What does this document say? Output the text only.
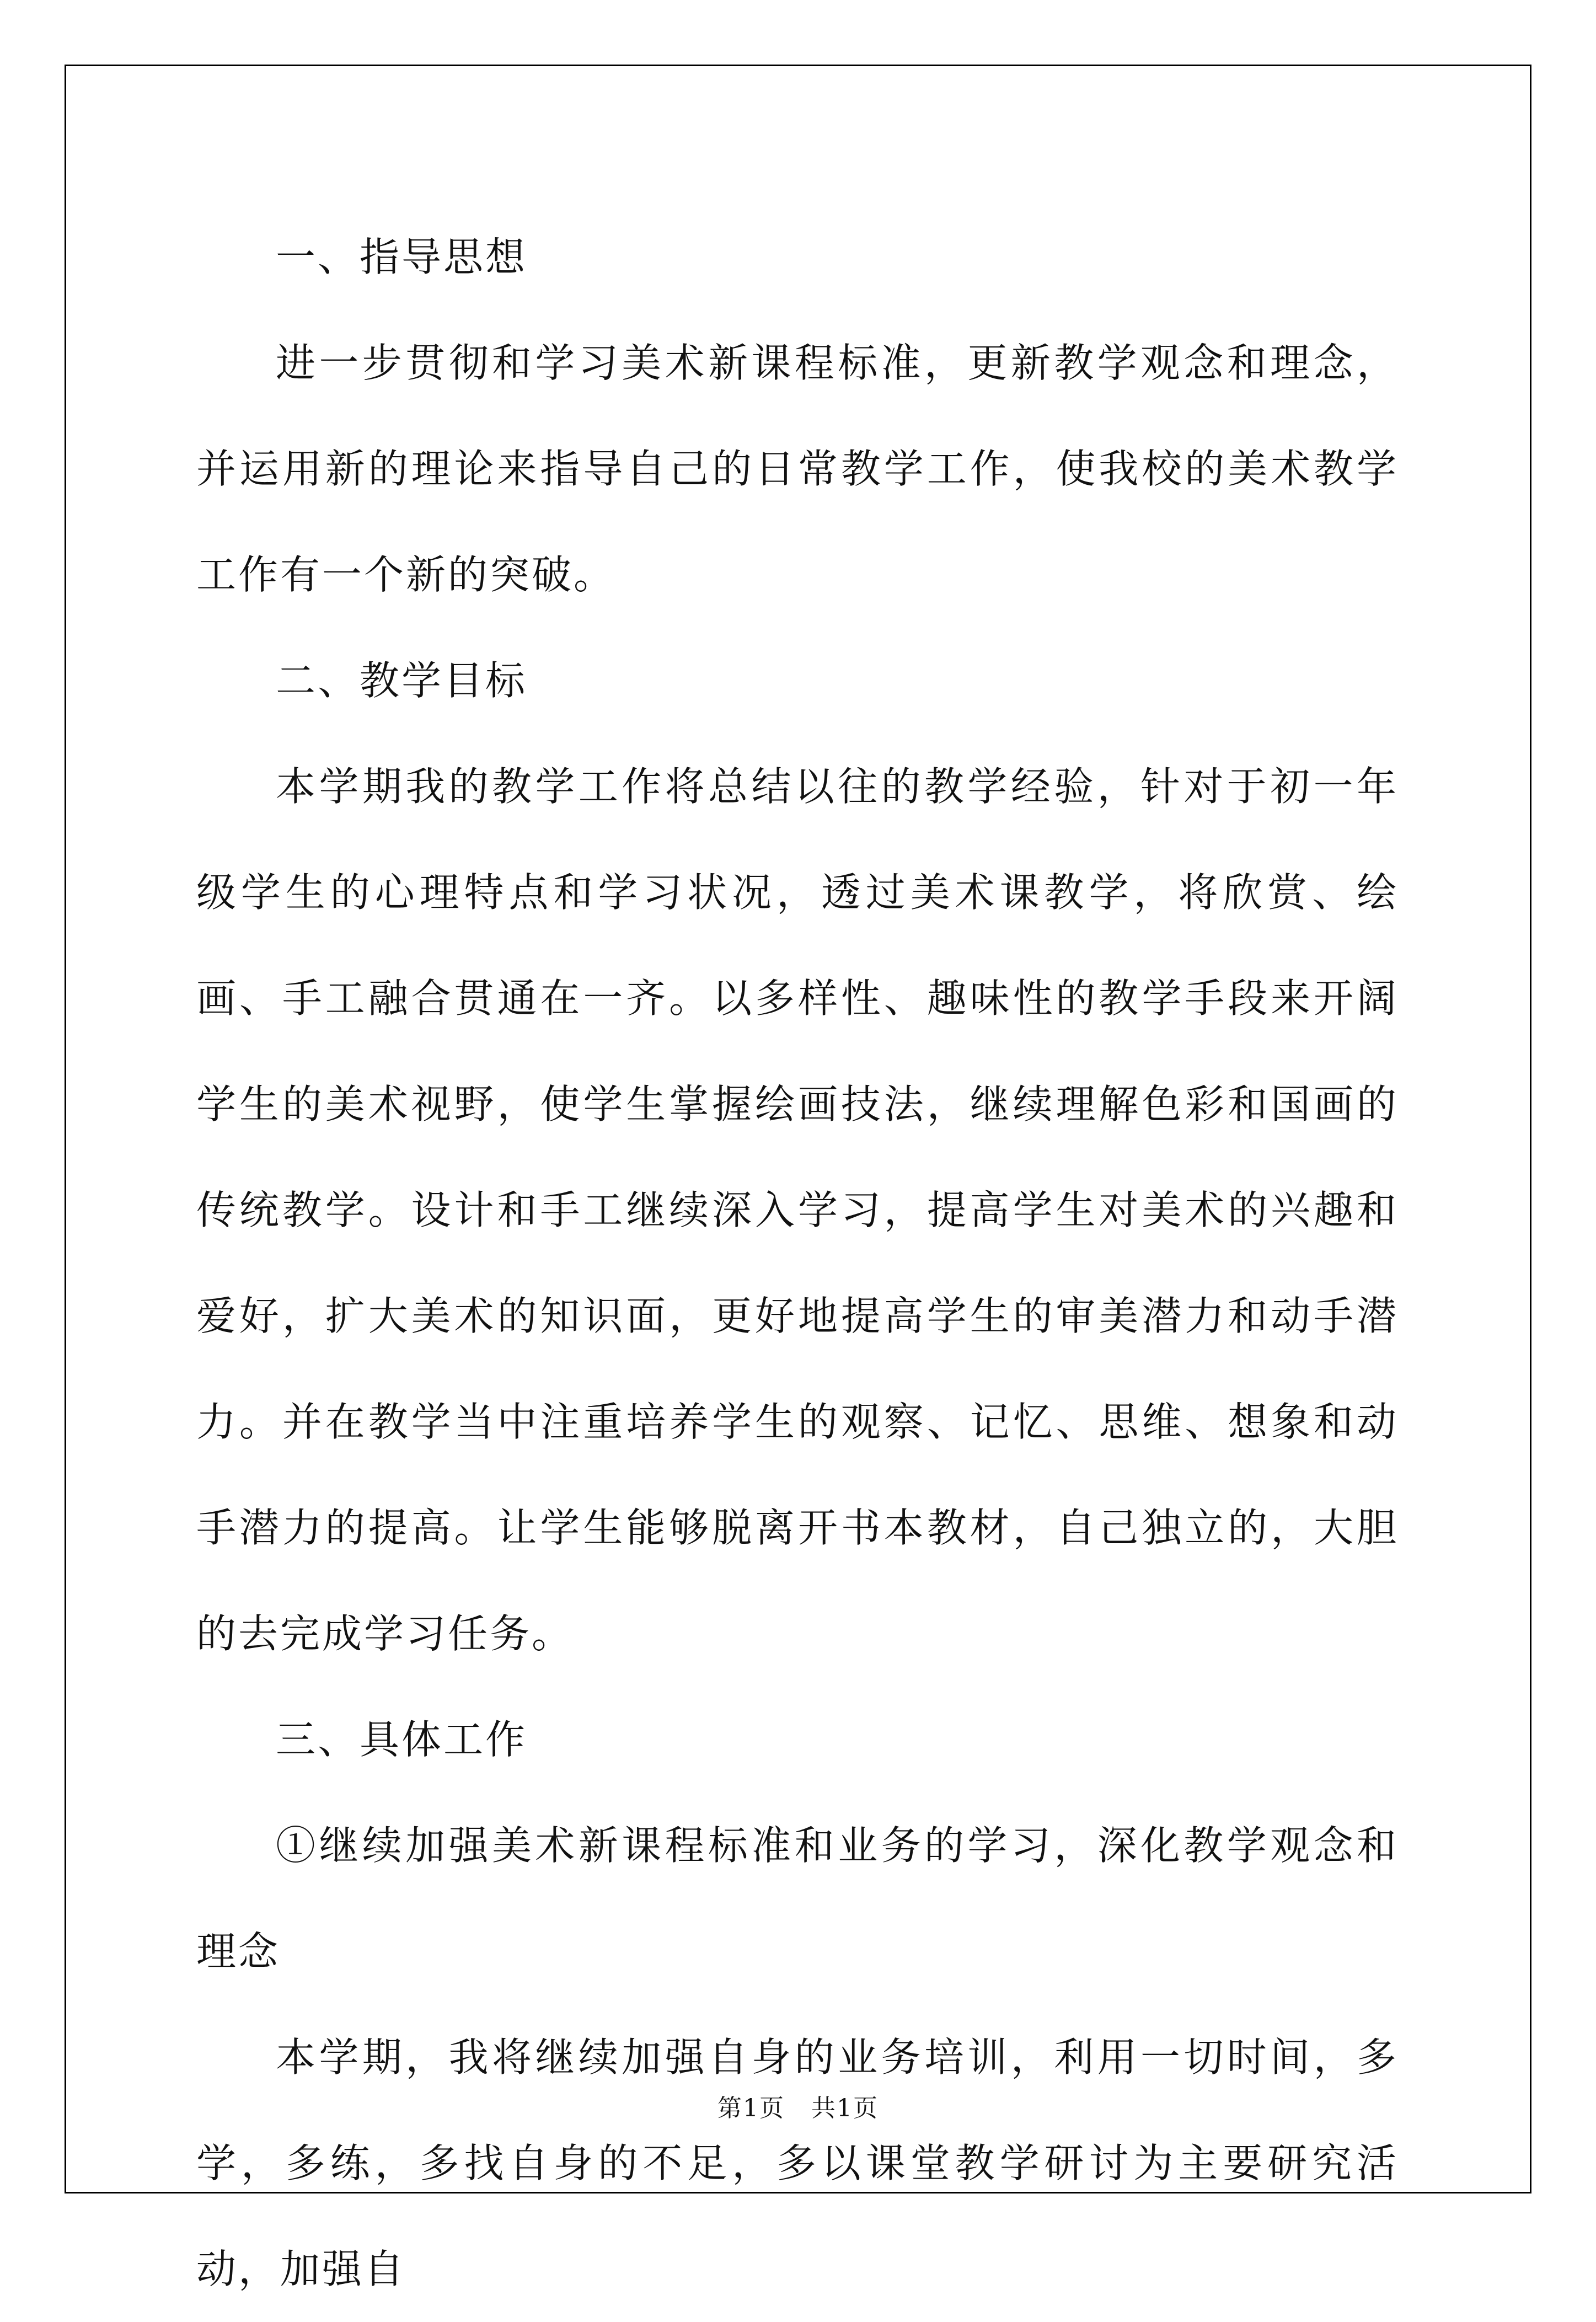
一、指导思想

进一步贯彻和学习美术新课程标准，更新教学观念和理念，并运用新的理论来指导自己的日常教学工作，使我校的美术教学工作有一个新的突破。

二、教学目标

本学期我的教学工作将总结以往的教学经验，针对于初一年级学生的心理特点和学习状况，透过美术课教学，将欣赏、绘画、手工融合贯通在一齐。以多样性、趣味性的教学手段来开阔学生的美术视野，使学生掌握绘画技法，继续理解色彩和国画的传统教学。设计和手工继续深入学习，提高学生对美术的兴趣和爱好，扩大美术的知识面，更好地提高学生的审美潜力和动手潜力。并在教学当中注重培养学生的观察、记忆、思维、想象和动手潜力的提高。让学生能够脱离开书本教材，自己独立的，大胆的去完成学习任务。

三、具体工作

①继续加强美术新课程标准和业务的学习，深化教学观念和理念

本学期，我将继续加强自身的业务培训，利用一切时间，多学，多练，多找自身的不足，多以课堂教学研讨为主要研究活动，加强自

第1页 共1页
